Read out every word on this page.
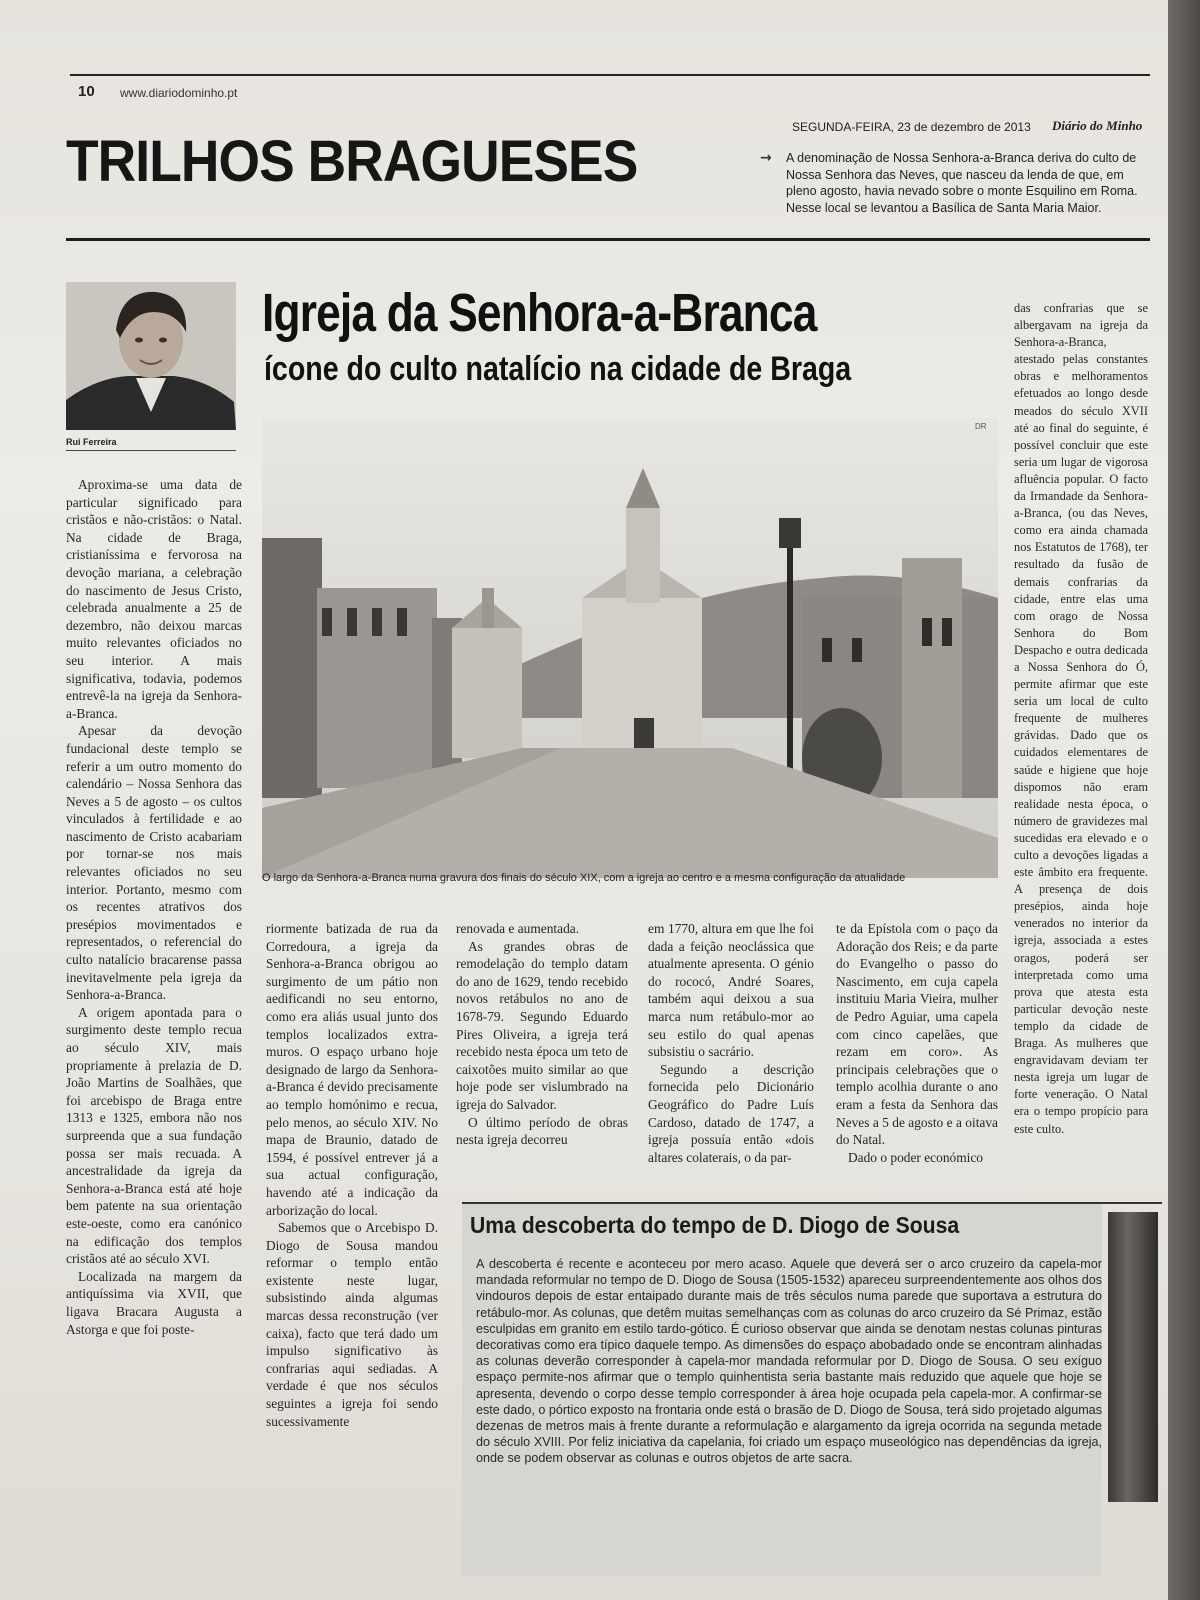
10 www.diariodominho.pt
SEGUNDA-FEIRA, 23 de dezembro de 2013 Diário do Minho
TRILHOS BRAGUESES	→ A denominação de Nossa Senhora-a-Branca deriva do culto de Nossa Senhora das Neves, que nasceu da lenda de que, em pleno agosto, havia nevado sobre o monte Esquilino em Roma. Nesse local se levantou a Basílica de Santa Maria Maior.
Rui Ferreira
Igreja da Senhora-a-Branca
ícone do culto natalício na cidade de Braga
DR
O largo da Senhora-a-Branca numa gravura dos finais do século XIX, com a igreja ao centro e a mesma configuração da atualidade

Aproxima-se uma data de particular significado para cristãos e não-cristãos: o Natal. Na cidade de Braga, cristianíssima e fervorosa na devoção mariana, a celebração do nascimento de Jesus Cristo, celebrada anualmente a 25 de dezembro, não deixou marcas muito relevantes oficiados no seu interior. A mais significativa, todavia, podemos entrevê-la na igreja da Senhora-a-Branca.

Apesar da devoção fundacional deste templo se referir a um outro momento do calendário – Nossa Senhora das Neves a 5 de agosto – os cultos vinculados à fertilidade e ao nascimento de Cristo acabariam por tornar-se nos mais relevantes oficiados no seu interior. Portanto, mesmo com os recentes atrativos dos presépios movimentados e representados, o referencial do culto natalício bracarense passa inevitavelmente pela igreja da Senhora-a-Branca.

A origem apontada para o surgimento deste templo recua ao século XIV, mais propriamente à prelazia de D. João Martins de Soalhães, que foi arcebispo de Braga entre 1313 e 1325, embora não nos surpreenda que a sua fundação possa ser mais recuada. A ancestralidade da igreja da Senhora-a-Branca está até hoje bem patente na sua orientação este-oeste, como era canónico na edificação dos templos cristãos até ao século XVI.

Localizada na margem da antiquíssima via XVII, que ligava Bracara Augusta a Astorga e que foi poste-

riormente batizada de rua da Corredoura, a igreja da Senhora-a-Branca obrigou ao surgimento de um pátio non aedificandi no seu entorno, como era aliás usual junto dos templos localizados extra-muros. O espaço urbano hoje designado de largo da Senhora-a-Branca é devido precisamente ao templo homónimo e recua, pelo menos, ao século XIV. No mapa de Braunio, datado de 1594, é possível entrever já a sua actual configuração, havendo até a indicação da arborização do local.

Sabemos que o Arcebispo D. Diogo de Sousa mandou reformar o templo então existente neste lugar, subsistindo ainda algumas marcas dessa reconstrução (ver caixa), facto que terá dado um impulso significativo às confrarias aqui sediadas. A verdade é que nos séculos seguintes a igreja foi sendo sucessivamente

renovada e aumentada.

As grandes obras de remodelação do templo datam do ano de 1629, tendo recebido novos retábulos no ano de 1678-79. Segundo Eduardo Pires Oliveira, a igreja terá recebido nesta época um teto de caixotões muito similar ao que hoje pode ser vislumbrado na igreja do Salvador.

O último período de obras nesta igreja decorreu

em 1770, altura em que lhe foi dada a feição neoclássica que atualmente apresenta. O génio do rococó, André Soares, também aqui deixou a sua marca num retábulo-mor ao seu estilo do qual apenas subsistiu o sacrário.

Segundo a descrição fornecida pelo Dicionário Geográfico do Padre Luís Cardoso, datado de 1747, a igreja possuía então «dois altares colaterais, o da par-

te da Epístola com o paço da Adoração dos Reis; e da parte do Evangelho o passo do Nascimento, em cuja capela instituiu Maria Vieira, mulher de Pedro Aguiar, uma capela com cinco capelães, que rezam em coro». As principais celebrações que o templo acolhia durante o ano eram a festa da Senhora das Neves a 5 de agosto e a oitava do Natal.

Dado o poder económico

das confrarias que se albergavam na igreja da Senhora-a-Branca, atestado pelas constantes obras e melhoramentos efetuados ao longo desde meados do século XVII até ao final do seguinte, é possível concluir que este seria um lugar de vigorosa afluência popular. O facto da Irmandade da Senhora-a-Branca, (ou das Neves, como era ainda chamada nos Estatutos de 1768), ter resultado da fusão de demais confrarias da cidade, entre elas uma com orago de Nossa Senhora do Bom Despacho e outra dedicada a Nossa Senhora do Ó, permite afirmar que este seria um local de culto frequente de mulheres grávidas. Dado que os cuidados elementares de saúde e higiene que hoje dispomos não eram realidade nesta época, o número de gravidezes mal sucedidas era elevado e o culto a devoções ligadas a este âmbito era frequente. A presença de dois presépios, ainda hoje venerados no interior da igreja, associada a estes oragos, poderá ser interpretada como uma prova que atesta esta particular devoção neste templo da cidade de Braga. As mulheres que engravidavam deviam ter nesta igreja um lugar de forte veneração. O Natal era o tempo propício para este culto.

Uma descoberta do tempo de D. Diogo de Sousa
A descoberta é recente e aconteceu por mero acaso. Aquele que deverá ser o arco cruzeiro da capela-mor mandada reformular no tempo de D. Diogo de Sousa (1505-1532) apareceu surpreendentemente aos olhos dos vindouros depois de estar entaipado durante mais de três séculos numa parede que suportava a estrutura do retábulo-mor. As colunas, que detêm muitas semelhanças com as colunas do arco cruzeiro da Sé Primaz, estão esculpidas em granito em estilo tardo-gótico. É curioso observar que ainda se denotam nestas colunas pinturas decorativas como era típico daquele tempo. As dimensões do espaço abobadado onde se encontram alinhadas as colunas deverão corresponder à capela-mor mandada reformular por D. Diogo de Sousa. O seu exíguo espaço permite-nos afirmar que o templo quinhentista seria bastante mais reduzido que aquele que hoje se apresenta, devendo o corpo desse templo corresponder à área hoje ocupada pela capela-mor. A confirmar-se este dado, o pórtico exposto na frontaria onde está o brasão de D. Diogo de Sousa, terá sido projetado algumas dezenas de metros mais à frente durante a reformulação e alargamento da igreja ocorrida na segunda metade do século XVIII. Por feliz iniciativa da capelania, foi criado um espaço museológico nas dependências da igreja, onde se podem observar as colunas e outros objetos de arte sacra.
